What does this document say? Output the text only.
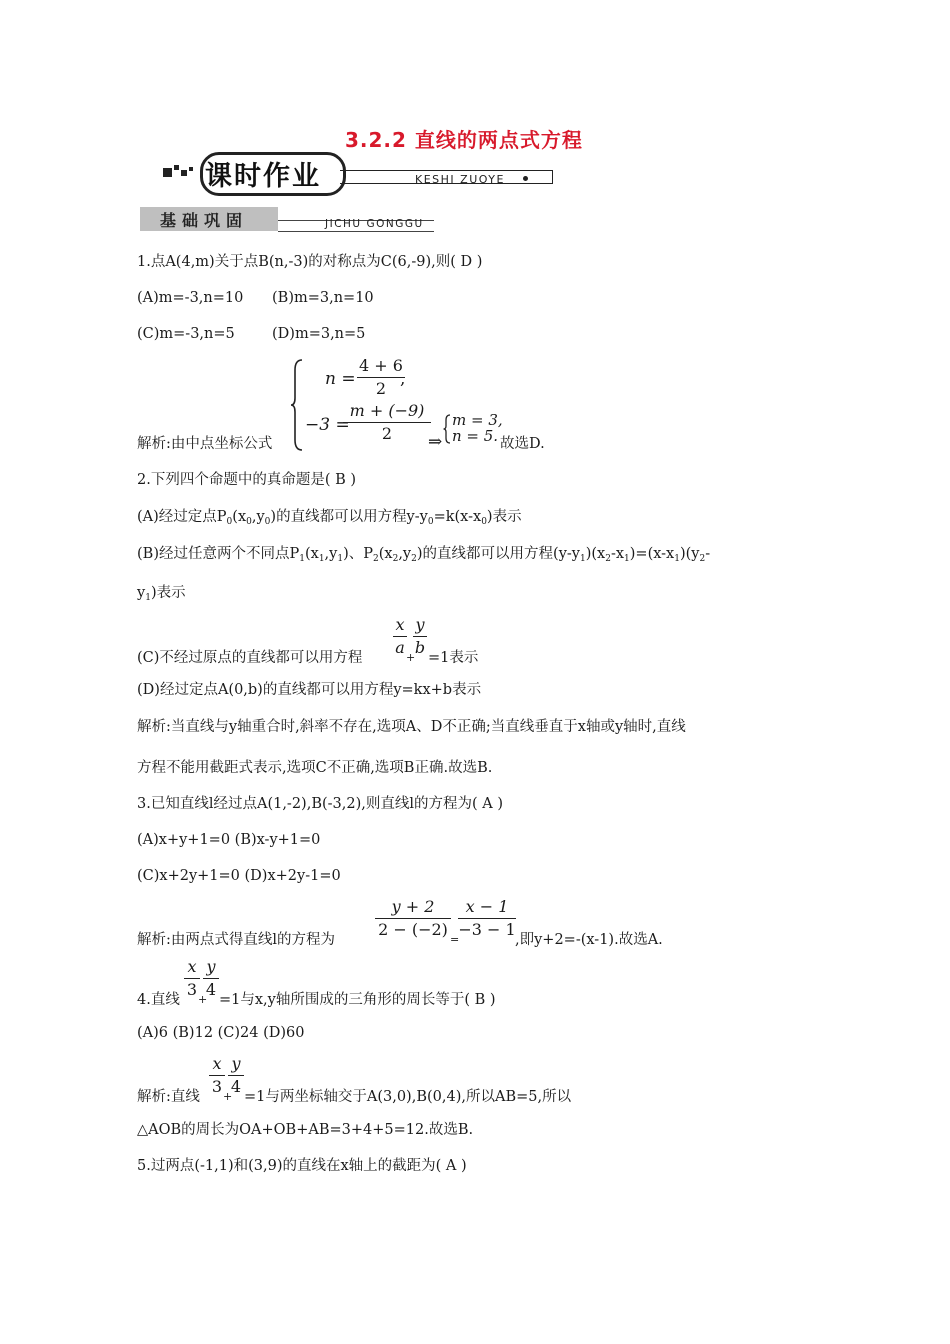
3.2.2 直线的两点式方程
课时作业	KESHI ZUOYE
基础巩固	JICHU GONGGU
1.点A(4,m)关于点B(n,-3)的对称点为C(6,-9),则( D )
(A)m=-3,n=10 (B)m=3,n=10
(C)m=-3,n=5	(D)m=3,n=5
n =
4 + 6
2 ,
−3 =
m + (−9)
2
解析:由中点坐标公式	⇒
m = 3,
n = 5. 故选D.
2.下列四个命题中的真命题是( B )
(A)经过定点$P_0(x_0,y_0)$的直线都可以用方程$y-y_0=k(x-x_0)$表示
(B)经过任意两个不同点$P_1(x_1,y_1)$、$P_2(x_2,y_2)$的直线都可以用方程$(y-y_1)(x_2-x_1)=(x-x_1)(y_2-$
$y_1$)表示
(C)不经过原点的直线都可以用方程
x
a
+
y
b
=1表示
(D)经过定点A(0,b)的直线都可以用方程y=kx+b表示
解析:当直线与y轴重合时,斜率不存在,选项A、D不正确;当直线垂直于x轴或y轴时,直线
方程不能用截距式表示,选项C不正确,选项B正确.故选B.
3.已知直线l经过点A(1,-2),B(-3,2),则直线l的方程为( A )
(A)x+y+1=0 (B)x-y+1=0
(C)x+2y+1=0 (D)x+2y-1=0
解析:由两点式得直线l的方程为
y + 2
2 − (−2)
=
x − 1
−3 − 1
,即y+2=-(x-1).故选A.
4.直线
x
3
+
y
4
=1与x,y轴所围成的三角形的周长等于( B )
(A)6 (B)12 (C)24 (D)60
解析:直线
x
3
+
y
4
=1与两坐标轴交于A(3,0),B(0,4),所以AB=5,所以
△AOB的周长为OA+OB+AB=3+4+5=12.故选B.
5.过两点(-1,1)和(3,9)的直线在x轴上的截距为( A )
